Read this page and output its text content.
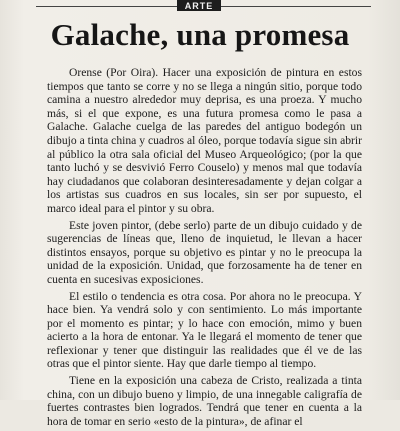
ARTE
Galache, una promesa

Orense (Por Oira). Hacer una exposición de pintura en estos tiempos que tanto se corre y no se llega a ningún sitio, porque todo camina a nuestro alrededor muy deprisa, es una proeza. Y mucho más, si el que expone, es una futura promesa como le pasa a Galache. Galache cuelga de las paredes del antiguo bodegón un dibujo a tinta china y cuadros al óleo, porque todavía sigue sin abrir al público la otra sala oficial del Museo Arqueológico; (por la que tanto luchó y se desvivió Ferro Couselo) y menos mal que todavía hay ciudadanos que colaboran desinteresadamente y dejan colgar a los artistas sus cuadros en sus locales, sin ser por supuesto, el marco ideal para el pintor y su obra.

Este joven pintor, (debe serlo) parte de un dibujo cuidado y de sugerencias de líneas que, lleno de inquietud, le llevan a hacer distintos ensayos, porque su objetivo es pintar y no le preocupa la unidad de la exposición. Unidad, que forzosamente ha de tener en cuenta en sucesivas exposiciones.

El estilo o tendencia es otra cosa. Por ahora no le preocupa. Y hace bien. Ya vendrá solo y con sentimiento. Lo más importante por el momento es pintar; y lo hace con emoción, mimo y buen acierto a la hora de entonar. Ya le llegará el momento de tener que reflexionar y tener que distinguir las realidades que él ve de las otras que el pintor siente. Hay que darle tiempo al tiempo.

Tiene en la exposición una cabeza de Cristo, realizada a tinta china, con un dibujo bueno y limpio, de una innegable caligrafía de fuertes contrastes bien logrados. Tendrá que tener en cuenta a la hora de tomar en serio «esto de la pintura», de afinar el
